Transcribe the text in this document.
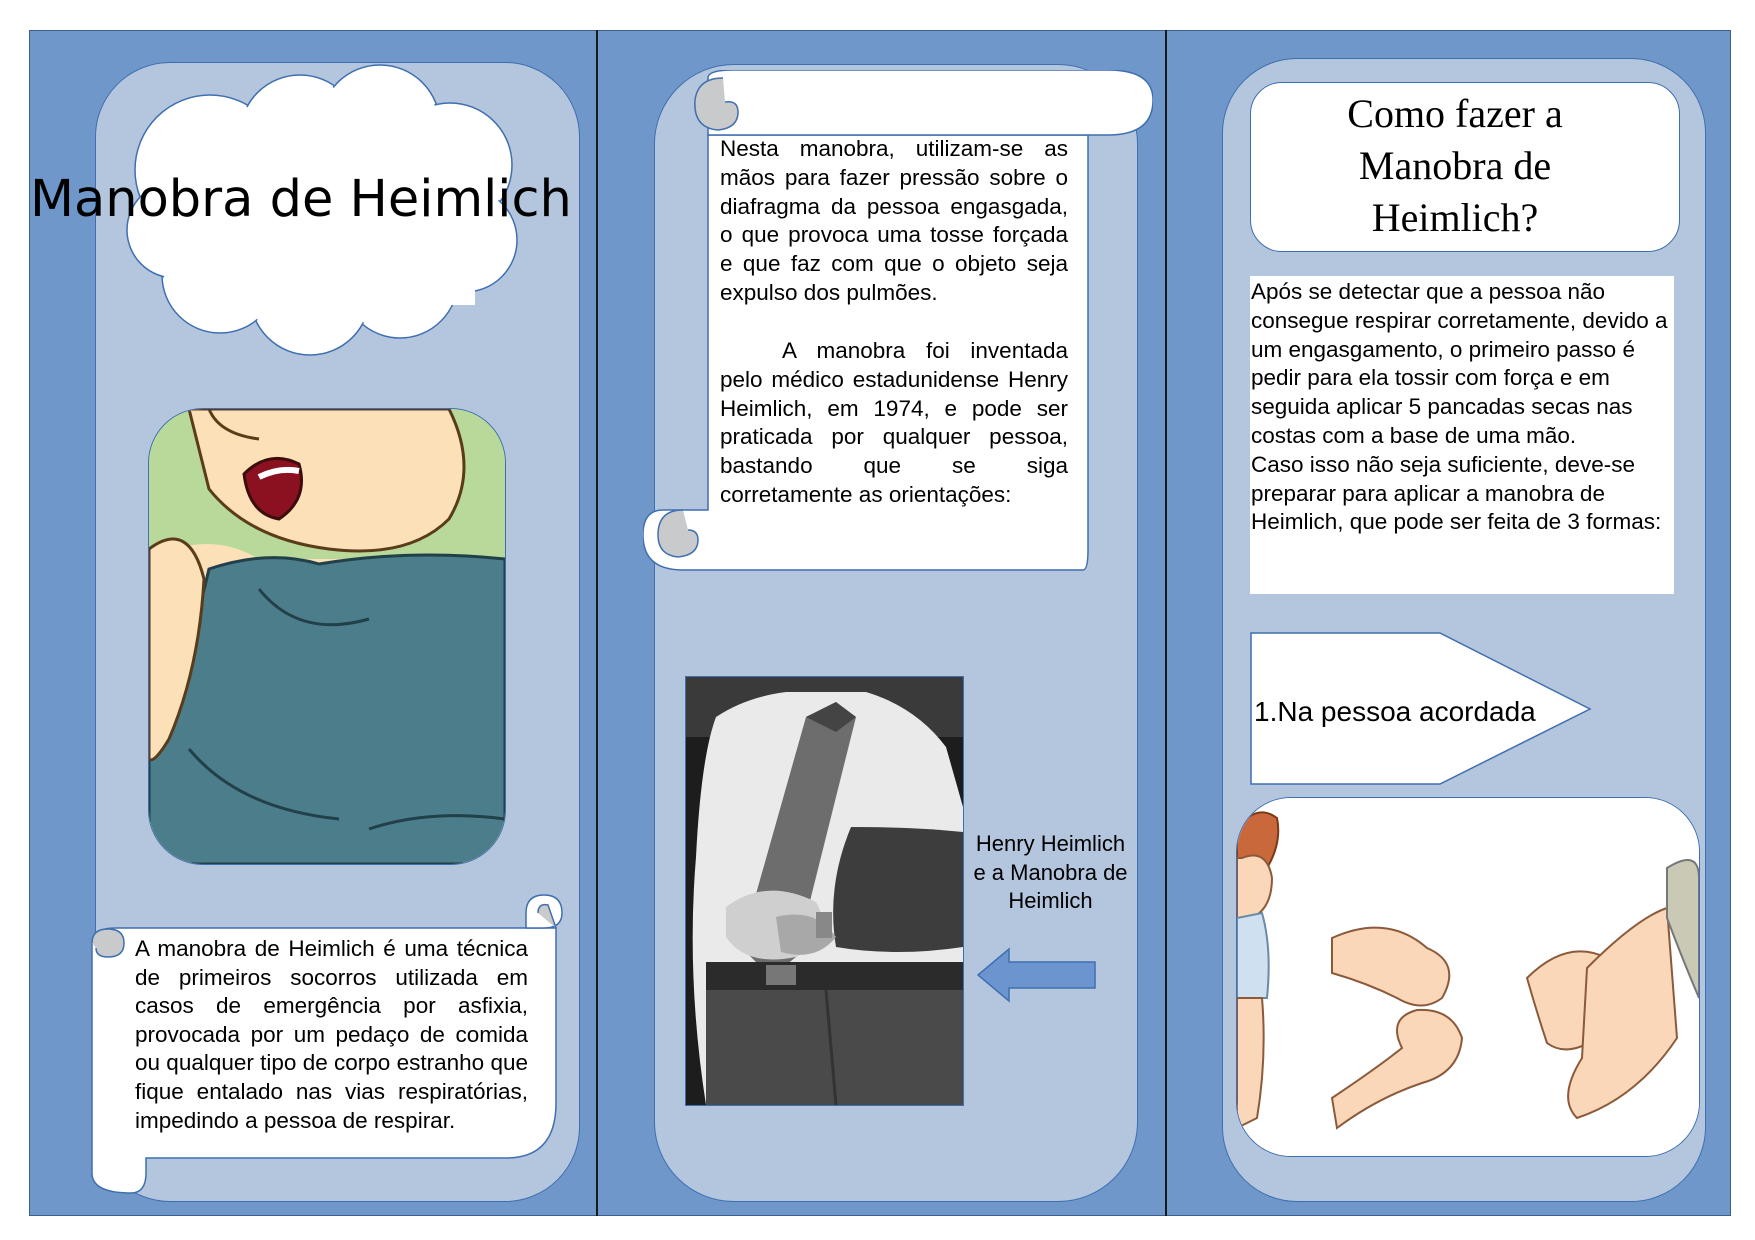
Manobra de Heimlich
A manobra de Heimlich é uma técnica de primeiros socorros utilizada em casos de emergência por asfixia, provocada por um pedaço de comida ou qualquer tipo de corpo estranho que fique entalado nas vias respiratórias, impedindo a pessoa de respirar.
Nesta manobra, utilizam-se as mãos para fazer pressão sobre o diafragma da pessoa engasgada, o que provoca uma tosse forçada e que faz com que o objeto seja expulso dos pulmões.
A manobra foi inventada pelo médico estadunidense Henry Heimlich, em 1974, e pode ser praticada por qualquer pessoa, bastando que se siga corretamente as orientações:
Henry Heimlich e a Manobra de Heimlich
Como fazer a Manobra de Heimlich?
Após se detectar que a pessoa não consegue respirar corretamente, devido a um engasgamento, o primeiro passo é pedir para ela tossir com força e em seguida aplicar 5 pancadas secas nas costas com a base de uma mão.
Caso isso não seja suficiente, deve-se preparar para aplicar a manobra de Heimlich, que pode ser feita de 3 formas:
1.Na pessoa acordada
